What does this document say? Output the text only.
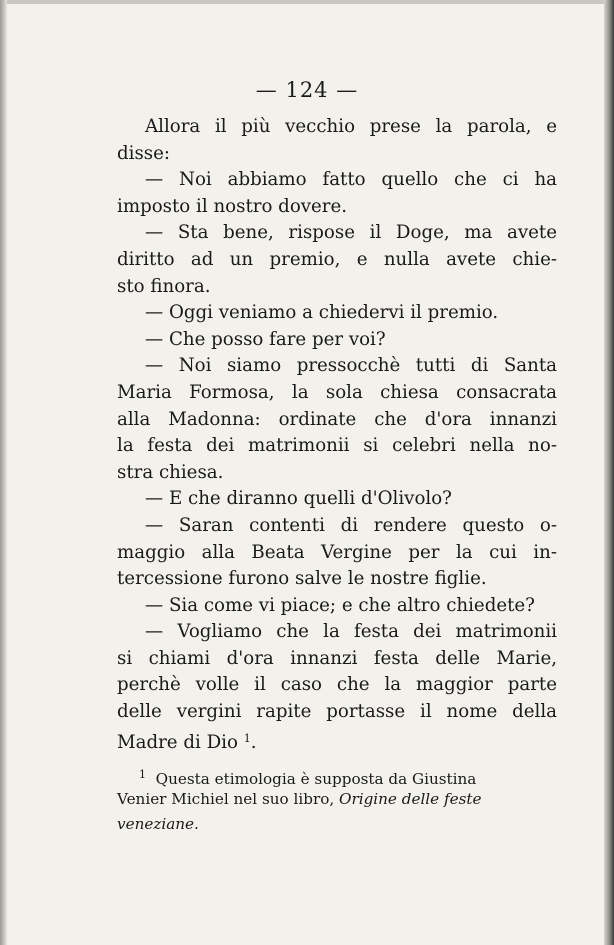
— 124 —
Allora il più vecchio prese la parola, e
disse:
— Noi abbiamo fatto quello che ci ha
imposto il nostro dovere.
— Sta bene, rispose il Doge, ma avete
diritto ad un premio, e nulla avete chie-
sto finora.
— Oggi veniamo a chiedervi il premio.
— Che posso fare per voi?
— Noi siamo pressocchè tutti di Santa
Maria Formosa, la sola chiesa consacrata
alla Madonna: ordinate che d'ora innanzi
la festa dei matrimonii si celebri nella no-
stra chiesa.
— E che diranno quelli d'Olivolo?
— Saran contenti di rendere questo o-
maggio alla Beata Vergine per la cui in-
tercessione furono salve le nostre figlie.
— Sia come vi piace; e che altro chiedete?
— Vogliamo che la festa dei matrimonii
si chiami d'ora innanzi festa delle Marie,
perchè volle il caso che la maggior parte
delle vergini rapite portasse il nome della
Madre di Dio $^1$.
$^1$ Questa etimologia è supposta da Giustina
Venier Michiel nel suo libro, Origine delle feste
veneziane.
